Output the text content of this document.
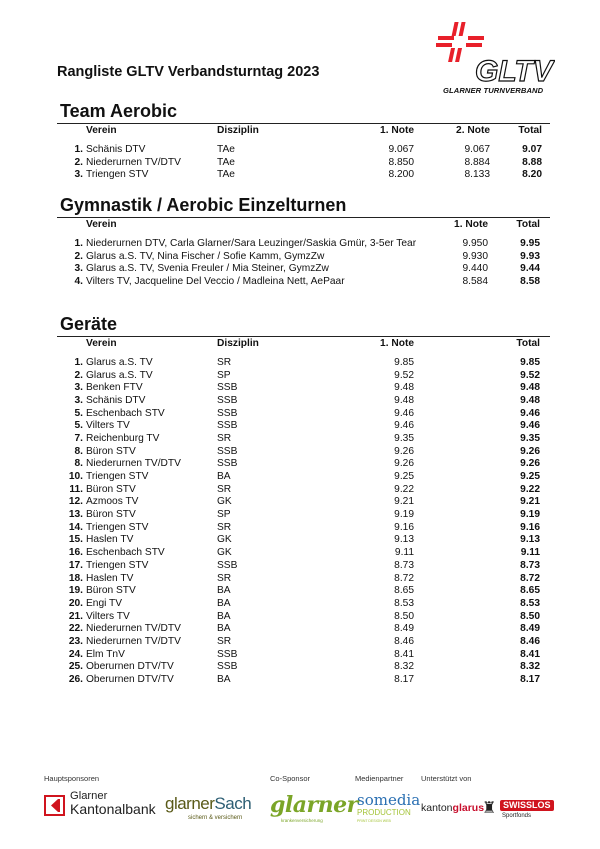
Rangliste GLTV Verbandsturntag 2023	GLTV
GLARNER TURNVERBAND
Team Aerobic
	Verein	Disziplin	1. Note	2. Note	Total	

1.	Schänis DTV	TAe	9.067	9.067	9.07	
2.	Niederurnen TV/DTV	TAe	8.850	8.884	8.88	
3.	Triengen STV	TAe	8.200	8.133	8.20	
Gymnastik / Aerobic Einzelturnen
	Verein	1. Note	Total	

1.	Niederurnen DTV, Carla Glarner/Sara Leuzinger/Saskia Gmür, 3-5er Tear	9.950	9.95	
2.	Glarus a.S. TV, Nina Fischer / Sofie Kamm, GymzZw	9.930	9.93	
3.	Glarus a.S. TV, Svenia Freuler / Mia Steiner, GymzZw	9.440	9.44	
4.	Vilters TV, Jacqueline Del Veccio / Madleina Nett, AePaar	8.584	8.58	
Geräte
	Verein	Disziplin	1. Note	Total	

1.	Glarus a.S. TV	SR	9.85	9.85	
2.	Glarus a.S. TV	SP	9.52	9.52	
3.	Benken FTV	SSB	9.48	9.48	
3.	Schänis DTV	SSB	9.48	9.48	
5.	Eschenbach STV	SSB	9.46	9.46	
5.	Vilters TV	SSB	9.46	9.46	
7.	Reichenburg TV	SR	9.35	9.35	
8.	Büron STV	SSB	9.26	9.26	
8.	Niederurnen TV/DTV	SSB	9.26	9.26	
10.	Triengen STV	BA	9.25	9.25	
11.	Büron STV	SR	9.22	9.22	
12.	Azmoos TV	GK	9.21	9.21	
13.	Büron STV	SP	9.19	9.19	
14.	Triengen STV	SR	9.16	9.16	
15.	Haslen TV	GK	9.13	9.13	
16.	Eschenbach STV	GK	9.11	9.11	
17.	Triengen STV	SSB	8.73	8.73	
18.	Haslen TV	SR	8.72	8.72	
19.	Büron STV	BA	8.65	8.65	
20.	Engi TV	BA	8.53	8.53	
21.	Vilters TV	BA	8.50	8.50	
22.	Niederurnen TV/DTV	BA	8.49	8.49	
23.	Niederurnen TV/DTV	SR	8.46	8.46	
24.	Elm TnV	SSB	8.41	8.41	
25.	Oberurnen DTV/TV	SSB	8.32	8.32	
26.	Oberurnen DTV/TV	BA	8.17	8.17	
Hauptsponsoren	Co-Sponsor	Medienpartner Unterstützt von
Glarner
Kantonalbank glarnerSach
sichern & versichern glarner
krankenversicherung
somedia
PRODUCTION
PRINT DESIGN WEB
kantonglarus
♜ SWISSLOS
Sportfonds
